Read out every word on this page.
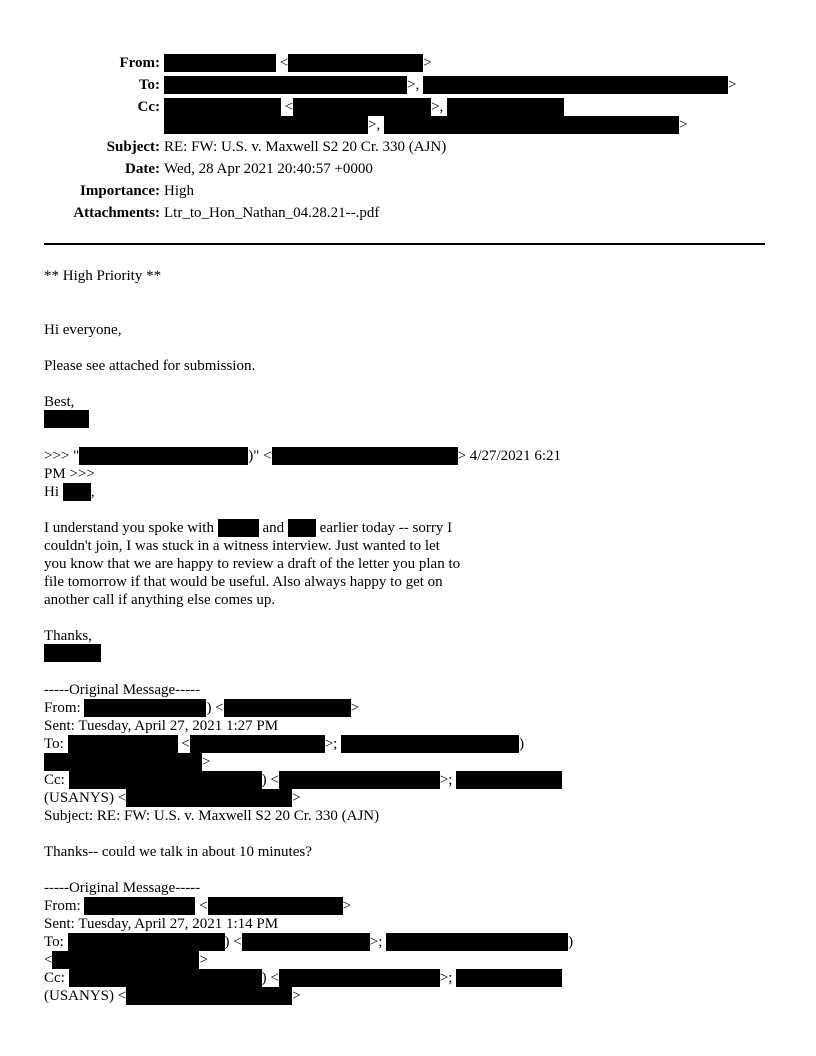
From:	<	>
To:	>,	>
Cc:	<	>,
>,	>
Subject: RE: FW: U.S. v. Maxwell S2 20 Cr. 330 (AJN)
Date: Wed, 28 Apr 2021 20:40:57 +0000
Importance: High
Attachments: Ltr_to_Hon_Nathan_04.28.21--.pdf
** High Priority **
Hi everyone,
Please see attached for submission.
Best,
>>> "	)" <	> 4/27/2021 6:21
PM >>>
Hi ,
I understand you spoke with	and earlier today -- sorry I
couldn't join, I was stuck in a witness interview. Just wanted to let
you know that we are happy to review a draft of the letter you plan to
file tomorrow if that would be useful. Also always happy to get on
another call if anything else comes up.
Thanks,
-----Original Message-----
From:	) <	>
Sent: Tuesday, April 27, 2021 1:27 PM
To:	<	>;	)
>
Cc:	) <	>;
(USANYS) <	>
Subject: RE: FW: U.S. v. Maxwell S2 20 Cr. 330 (AJN)
Thanks-- could we talk in about 10 minutes?
-----Original Message-----
From:	<	>
Sent: Tuesday, April 27, 2021 1:14 PM
To:	) <	>;	)
<	>
Cc:	) <	>;
(USANYS) <	>
